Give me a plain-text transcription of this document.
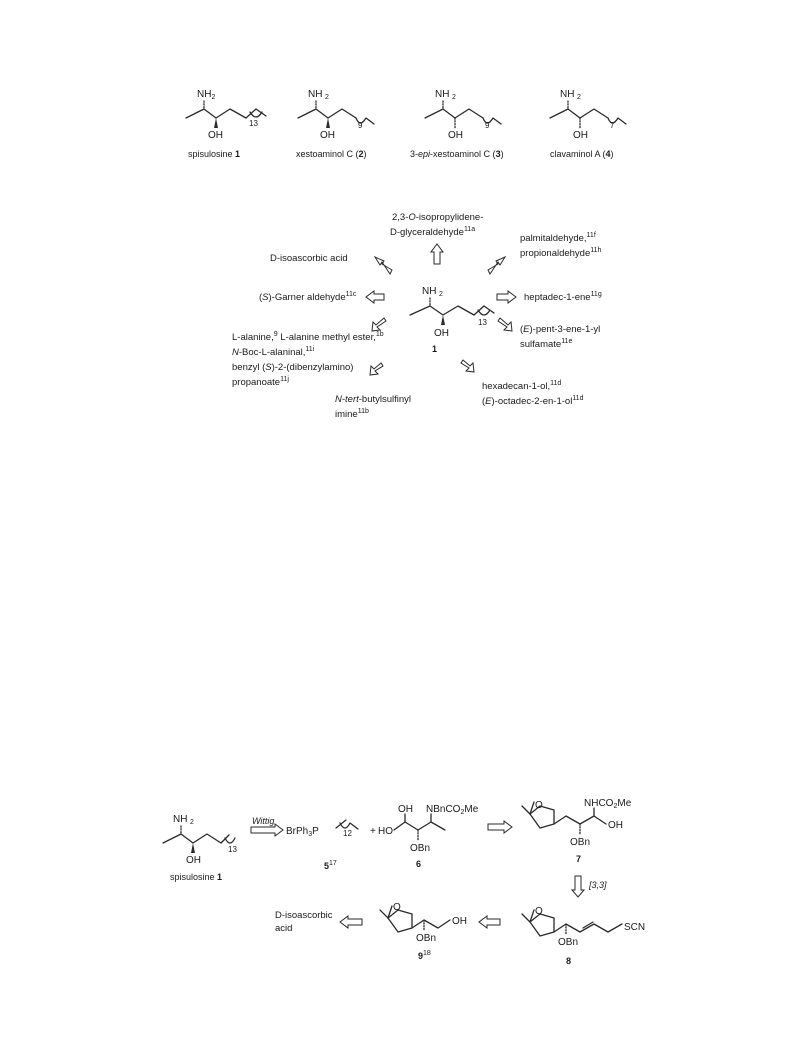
$NH_2$
OH
13
spisulosine 1
NH 2
OH
9
xestoaminol C (2)
NH 2
OH
9
3-epi-xestoaminol C (3)
NH 2
OH
7
clavaminol A (4)
NH 2
OH
13
1
2,3-O-isopropylidene-
D-glyceraldehyde$^{11a}$
palmitaldehyde,$^{11f}$
propionaldehyde$^{11h}$
D-isoascorbic acid
(S)-Garner aldehyde$^{11c}$	heptadec-1-ene$^{11g}$
L-alanine,$^9$ L-alanine methyl ester,$^{1b}$
N-Boc-L-alaninal,$^{11i}$
benzyl (S)-2-(dibenzylamino)
propanoate$^{11j}$
(E)-pent-3-ene-1-yl
sulfamate$^{11e}$
N-tert-butylsulfinyl
imine$^{11b}$
hexadecan-1-ol,$^{11d}$
$(E)-octadec-2-en-1-ol^{11d}$
NH 2
OH
13
spisulosine 1
Wittig
BrPh$_3$P	12
$5^{17}$
+ HO
OH NBnCO$_2$Me
OBn
6
O	$NHCO_2Me$
OH
OBn
7
[3,3]
O
SCN
OBn
8
O
OH
OBn
$9^{18}$
D-isoascorbic
acid
